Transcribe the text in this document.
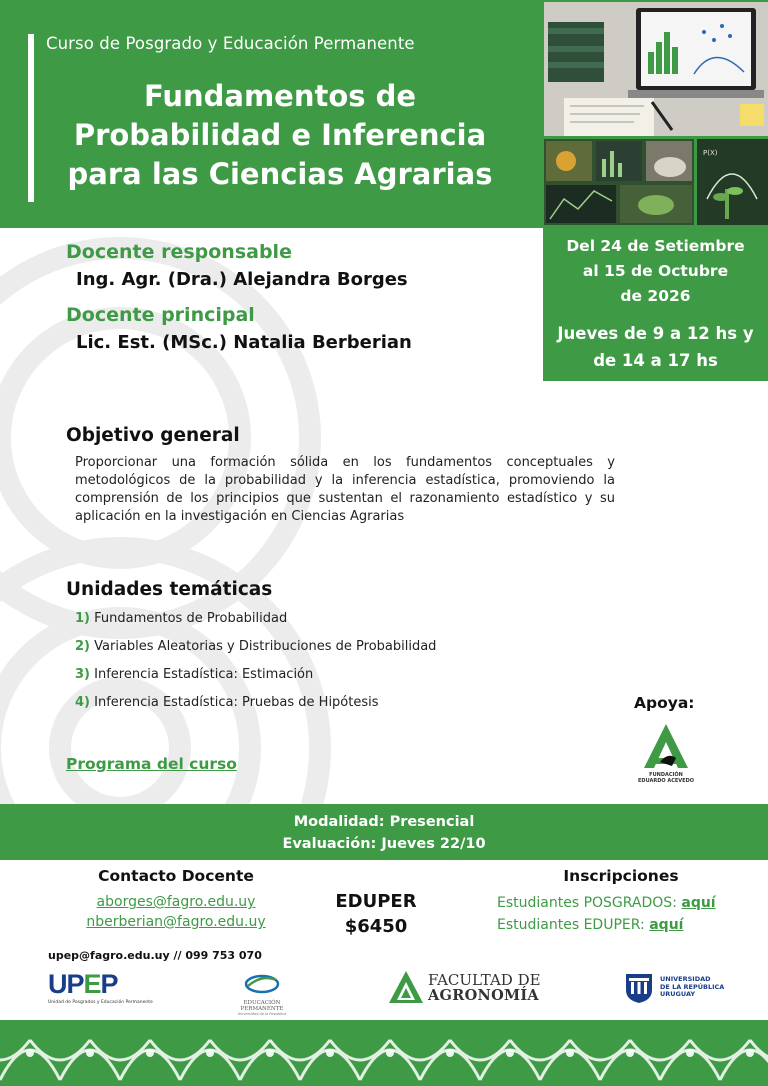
Curso de Posgrado y Educación Permanente
Fundamentos de
Probabilidad e Inferencia
para las Ciencias Agrarias
P(X)
Docente responsable
Ing. Agr. (Dra.) Alejandra Borges
Docente principal
Lic. Est. (MSc.) Natalia Berberian
Del 24 de Setiembre
al 15 de Octubre
de 2026
Jueves de 9 a 12 hs y
de 14 a 17 hs
Objetivo general
Proporcionar una formación sólida en los fundamentos conceptuales y metodológicos de la probabilidad y la inferencia estadística, promoviendo la comprensión de los principios que sustentan el razonamiento estadístico y su aplicación en la investigación en Ciencias Agrarias
Unidades temáticas
1) Fundamentos de Probabilidad
2) Variables Aleatorias y Distribuciones de Probabilidad
3) Inferencia Estadística: Estimación
4) Inferencia Estadística: Pruebas de Hipótesis
Programa del curso
Apoya:
FUNDACIÓN
EDUARDO ACEVEDO
Modalidad: Presencial
Evaluación: Jueves 22/10
Contacto Docente
aborges@fagro.edu.uy
nberberian@fagro.edu.uy
EDUPER
$6450
Inscripciones
Estudiantes POSGRADOS: aquí
Estudiantes EDUPER: aquí
upep@fagro.edu.uy // 099 753 070
UPEP
Unidad de Posgrados y Educación Permanente	EDUCACIÓN PERMANENTE
Universidad de la República
FACULTAD DE
AGRONOMÍA
UNIVERSIDAD
DE LA REPÚBLICA
URUGUAY
